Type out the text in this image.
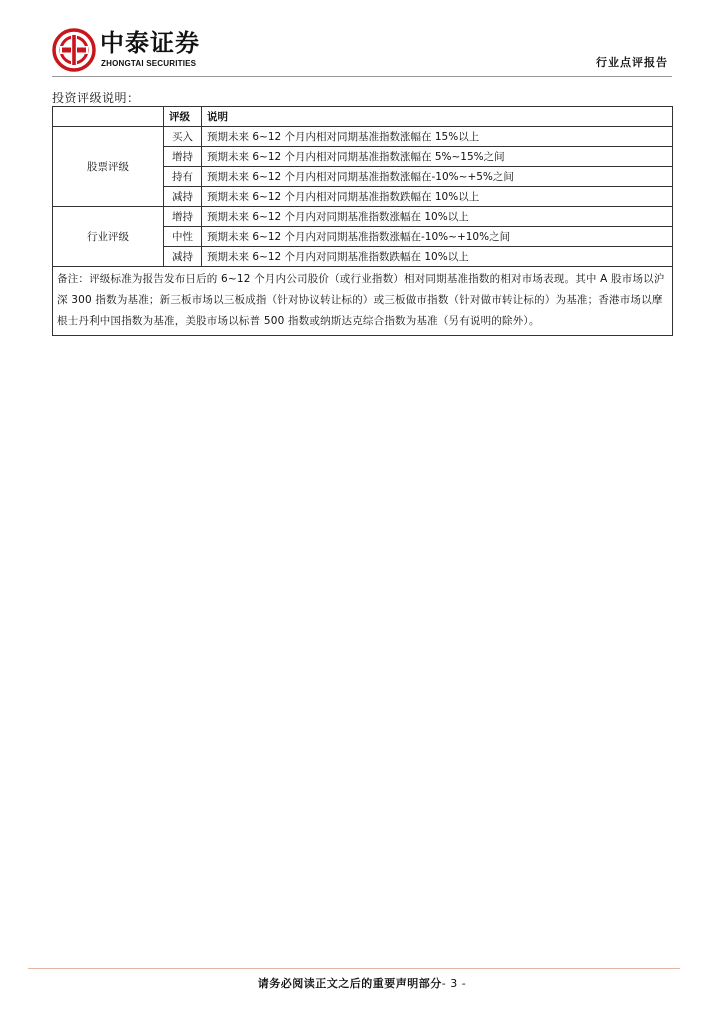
中泰证券
ZHONGTAI SECURITIES	行业点评报告
投资评级说明：
	评级	说明
股票评级	买入	预期未来 6~12 个月内相对同期基准指数涨幅在 15%以上
	增持	预期未来 6~12 个月内相对同期基准指数涨幅在 5%~15%之间
	持有	预期未来 6~12 个月内相对同期基准指数涨幅在-10%~+5%之间
	减持	预期未来 6~12 个月内相对同期基准指数跌幅在 10%以上
行业评级	增持	预期未来 6~12 个月内对同期基准指数涨幅在 10%以上
	中性	预期未来 6~12 个月内对同期基准指数涨幅在-10%~+10%之间
	减持	预期未来 6~12 个月内对同期基准指数跌幅在 10%以上
备注：评级标准为报告发布日后的 6~12 个月内公司股价（或行业指数）相对同期基准指数的相对市场表现。其中 A 股市场以沪深 300 指数为基准；新三板市场以三板成指（针对协议转让标的）或三板做市指数（针对做市转让标的）为基准；香港市场以摩根士丹利中国指数为基准，美股市场以标普 500 指数或纳斯达克综合指数为基准（另有说明的除外）。		
请务必阅读正文之后的重要声明部分- 3 -
